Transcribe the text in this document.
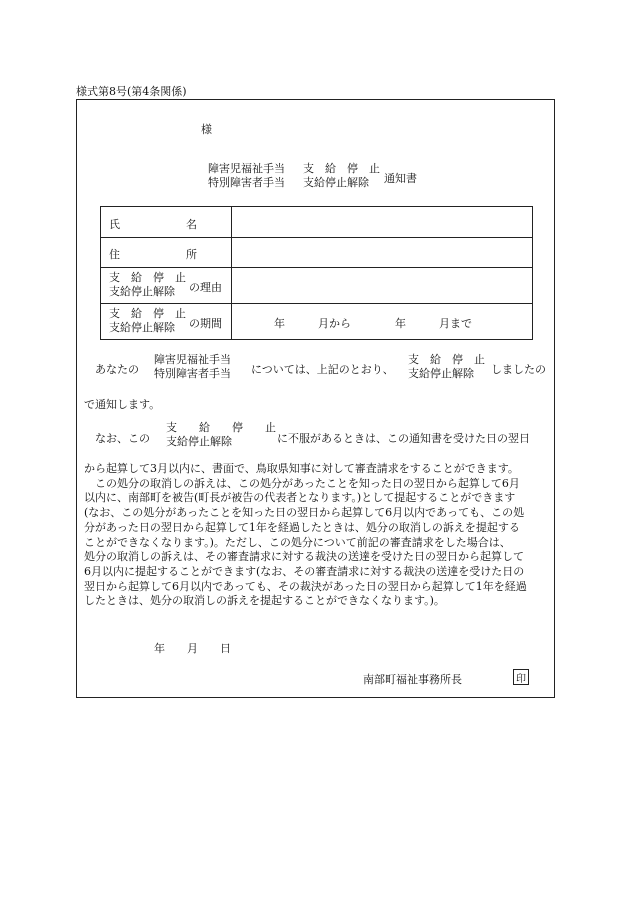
様式第8号(第4条関係)
様
障害児福祉手当
特別障害者手当
支　給　停　止
支給停止解除	通知書
氏　　　　　　名
住　　　　　　所
支　給　停　止
支給停止解除	の理由
支　給　停　止
支給停止解除	の期間	年　　　月から　　　　年　　　月まで
あなたの
障害児福祉手当
特別障害者手当 については、上記のとおり、
支　給　停　止
支給停止解除	しましたの
で通知します。
なお、この
支　　給　　停　　止
支給停止解除	に不服があるときは、この通知書を受けた日の翌日
から起算して3月以内に、書面で、鳥取県知事に対して審査請求をすることができます。
　この処分の取消しの訴えは、この処分があったことを知った日の翌日から起算して6月
以内に、南部町を被告(町長が被告の代表者となります。)として提起することができます
(なお、この処分があったことを知った日の翌日から起算して6月以内であっても、この処
分があった日の翌日から起算して1年を経過したときは、処分の取消しの訴えを提起する
ことができなくなります。)。ただし、この処分について前記の審査請求をした場合は、
処分の取消しの訴えは、その審査請求に対する裁決の送達を受けた日の翌日から起算して
6月以内に提起することができます(なお、その審査請求に対する裁決の送達を受けた日の
翌日から起算して6月以内であっても、その裁決があった日の翌日から起算して1年を経過
したときは、処分の取消しの訴えを提起することができなくなります。)。
年　　月　　日
南部町福祉事務所長	印
